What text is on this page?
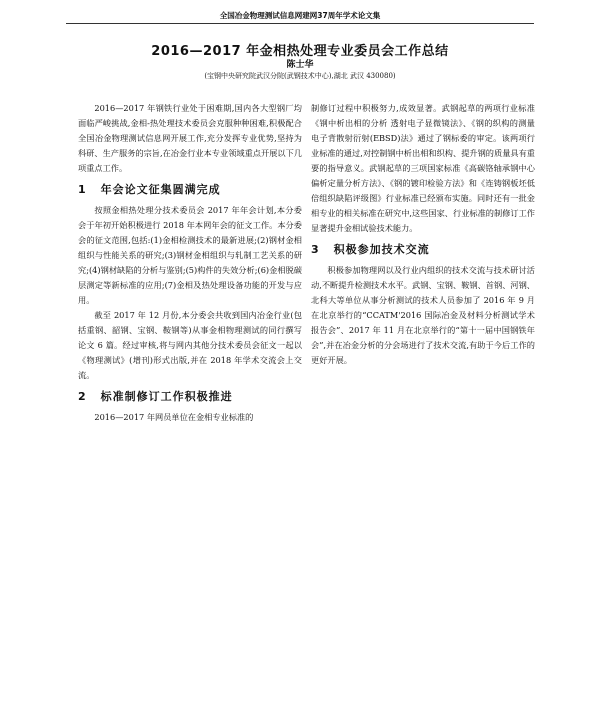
全国冶金物理测试信息网建网37周年学术论文集
2016—2017 年金相热处理专业委员会工作总结
陈士华
(宝钢中央研究院武汉分院(武钢技术中心),湖北 武汉 430080)

2016—2017 年钢铁行业处于困难期,国内各大型钢厂均面临严峻挑战,金相-热处理技术委员会克服种种困难,积极配合全国冶金物理测试信息网开展工作,充分发挥专业优势,坚持为科研、生产服务的宗旨,在冶金行业本专业领域重点开展以下几项重点工作。

1 年会论文征集圆满完成

按照金相热处理分技术委员会 2017 年年会计划,本分委会于年初开始积极进行 2018 年本网年会的征文工作。本分委会的征文范围,包括:(1)金相检测技术的最新进展;(2)钢材金相组织与性能关系的研究;(3)钢材金相组织与轧制工艺关系的研究;(4)钢材缺陷的分析与鉴别;(5)构件的失效分析;(6)金相脱碳层测定等新标准的应用;(7)金相及热处理设备功能的开发与应用。

截至 2017 年 12 月份,本分委会共收到国内冶金行业(包括重钢、韶钢、宝钢、鞍钢等)从事金相物理测试的同行撰写论文 6 篇。经过审核,将与网内其他分技术委员会征文一起以《物理测试》(增刊)形式出版,并在 2018 年学术交流会上交流。

2 标准制修订工作积极推进

2016—2017 年网员单位在金相专业标准的

制修订过程中积极努力,成效显著。武钢起草的两项行业标准《钢中析出相的分析 透射电子显微镜法》、《钢的织构的测量 电子背散射衍射(EBSD)法》通过了钢标委的审定。该两项行业标准的通过,对控制钢中析出相和织构、提升钢的质量具有重要的指导意义。武钢起草的三项国家标准《高碳铬轴承钢中心偏析定量分析方法》、《钢的镀印检验方法》和《连铸钢板坯低倍组织缺陷评级图》行业标准已经颁布实施。同时还有一批金相专业的相关标准在研究中,这些国家、行业标准的制修订工作显著提升金相试验技术能力。

3 积极参加技术交流

积极参加物理网以及行业内组织的技术交流与技术研讨活动,不断提升检测技术水平。武钢、宝钢、鞍钢、首钢、河钢、北科大等单位从事分析测试的技术人员参加了 2016 年 9 月在北京举行的“CCATM'2016 国际冶金及材料分析测试学术报告会”、2017 年 11 月在北京举行的“第十一届中国钢铁年会”,并在冶金分析的分会场进行了技术交流,有助于今后工作的更好开展。
